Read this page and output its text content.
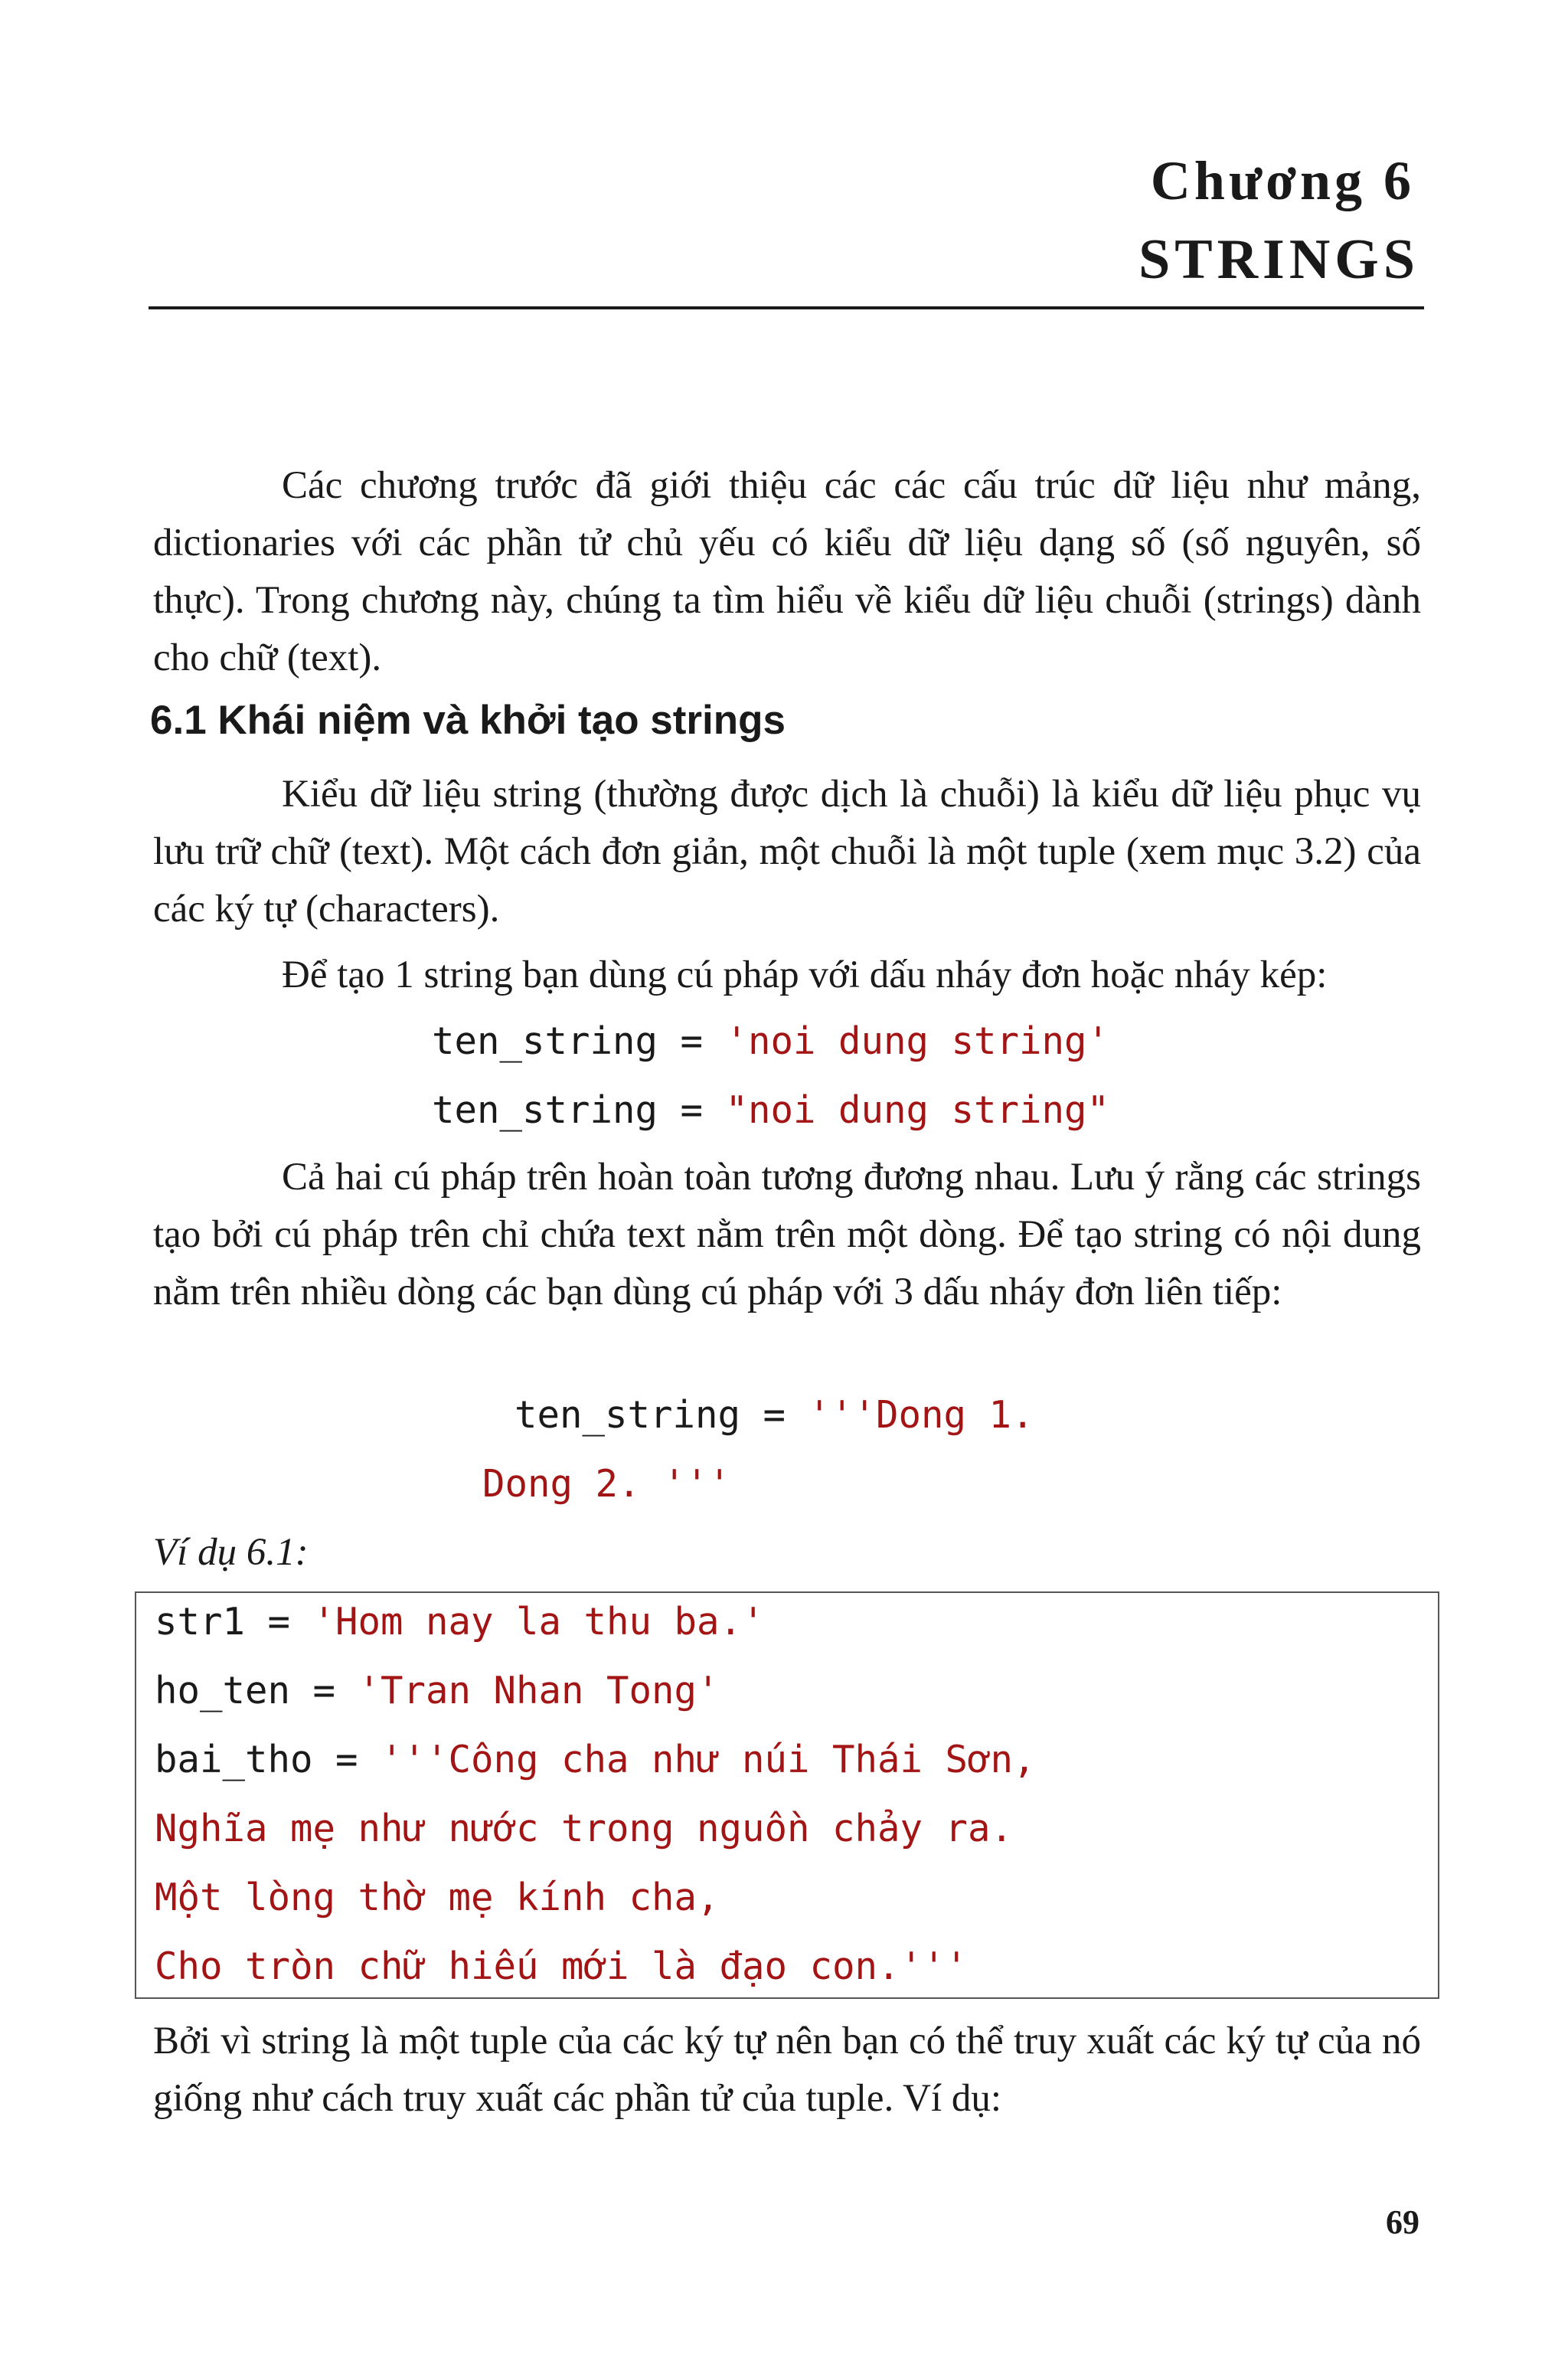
Chương 6
STRINGS

Các chương trước đã giới thiệu các các cấu trúc dữ liệu như mảng, dictionaries với các phần tử chủ yếu có kiểu dữ liệu dạng số (số nguyên, số thực). Trong chương này, chúng ta tìm hiểu về kiểu dữ liệu chuỗi (strings) dành cho chữ (text).

6.1 Khái niệm và khởi tạo strings

Kiểu dữ liệu string (thường được dịch là chuỗi) là kiểu dữ liệu phục vụ lưu trữ chữ (text). Một cách đơn giản, một chuỗi là một tuple (xem mục 3.2) của các ký tự (characters).

Để tạo 1 string bạn dùng cú pháp với dấu nháy đơn hoặc nháy kép:

ten_string = 'noi dung string'
ten_string = "noi dung string"

Cả hai cú pháp trên hoàn toàn tương đương nhau. Lưu ý rằng các strings tạo bởi cú pháp trên chỉ chứa text nằm trên một dòng. Để tạo string có nội dung nằm trên nhiều dòng các bạn dùng cú pháp với 3 dấu nháy đơn liên tiếp:

ten_string = '''Dong 1.
Dong 2. '''

Ví dụ 6.1:

str1 = 'Hom nay la thu ba.'
ho_ten = 'Tran Nhan Tong'
bai_tho = '''Công cha như núi Thái Sơn,
Nghĩa mẹ như nước trong nguồn chảy ra.
Một lòng thờ mẹ kính cha,
Cho tròn chữ hiếu mới là đạo con.'''

Bởi vì string là một tuple của các ký tự nên bạn có thể truy xuất các ký tự của nó giống như cách truy xuất các phần tử của tuple. Ví dụ:

69
